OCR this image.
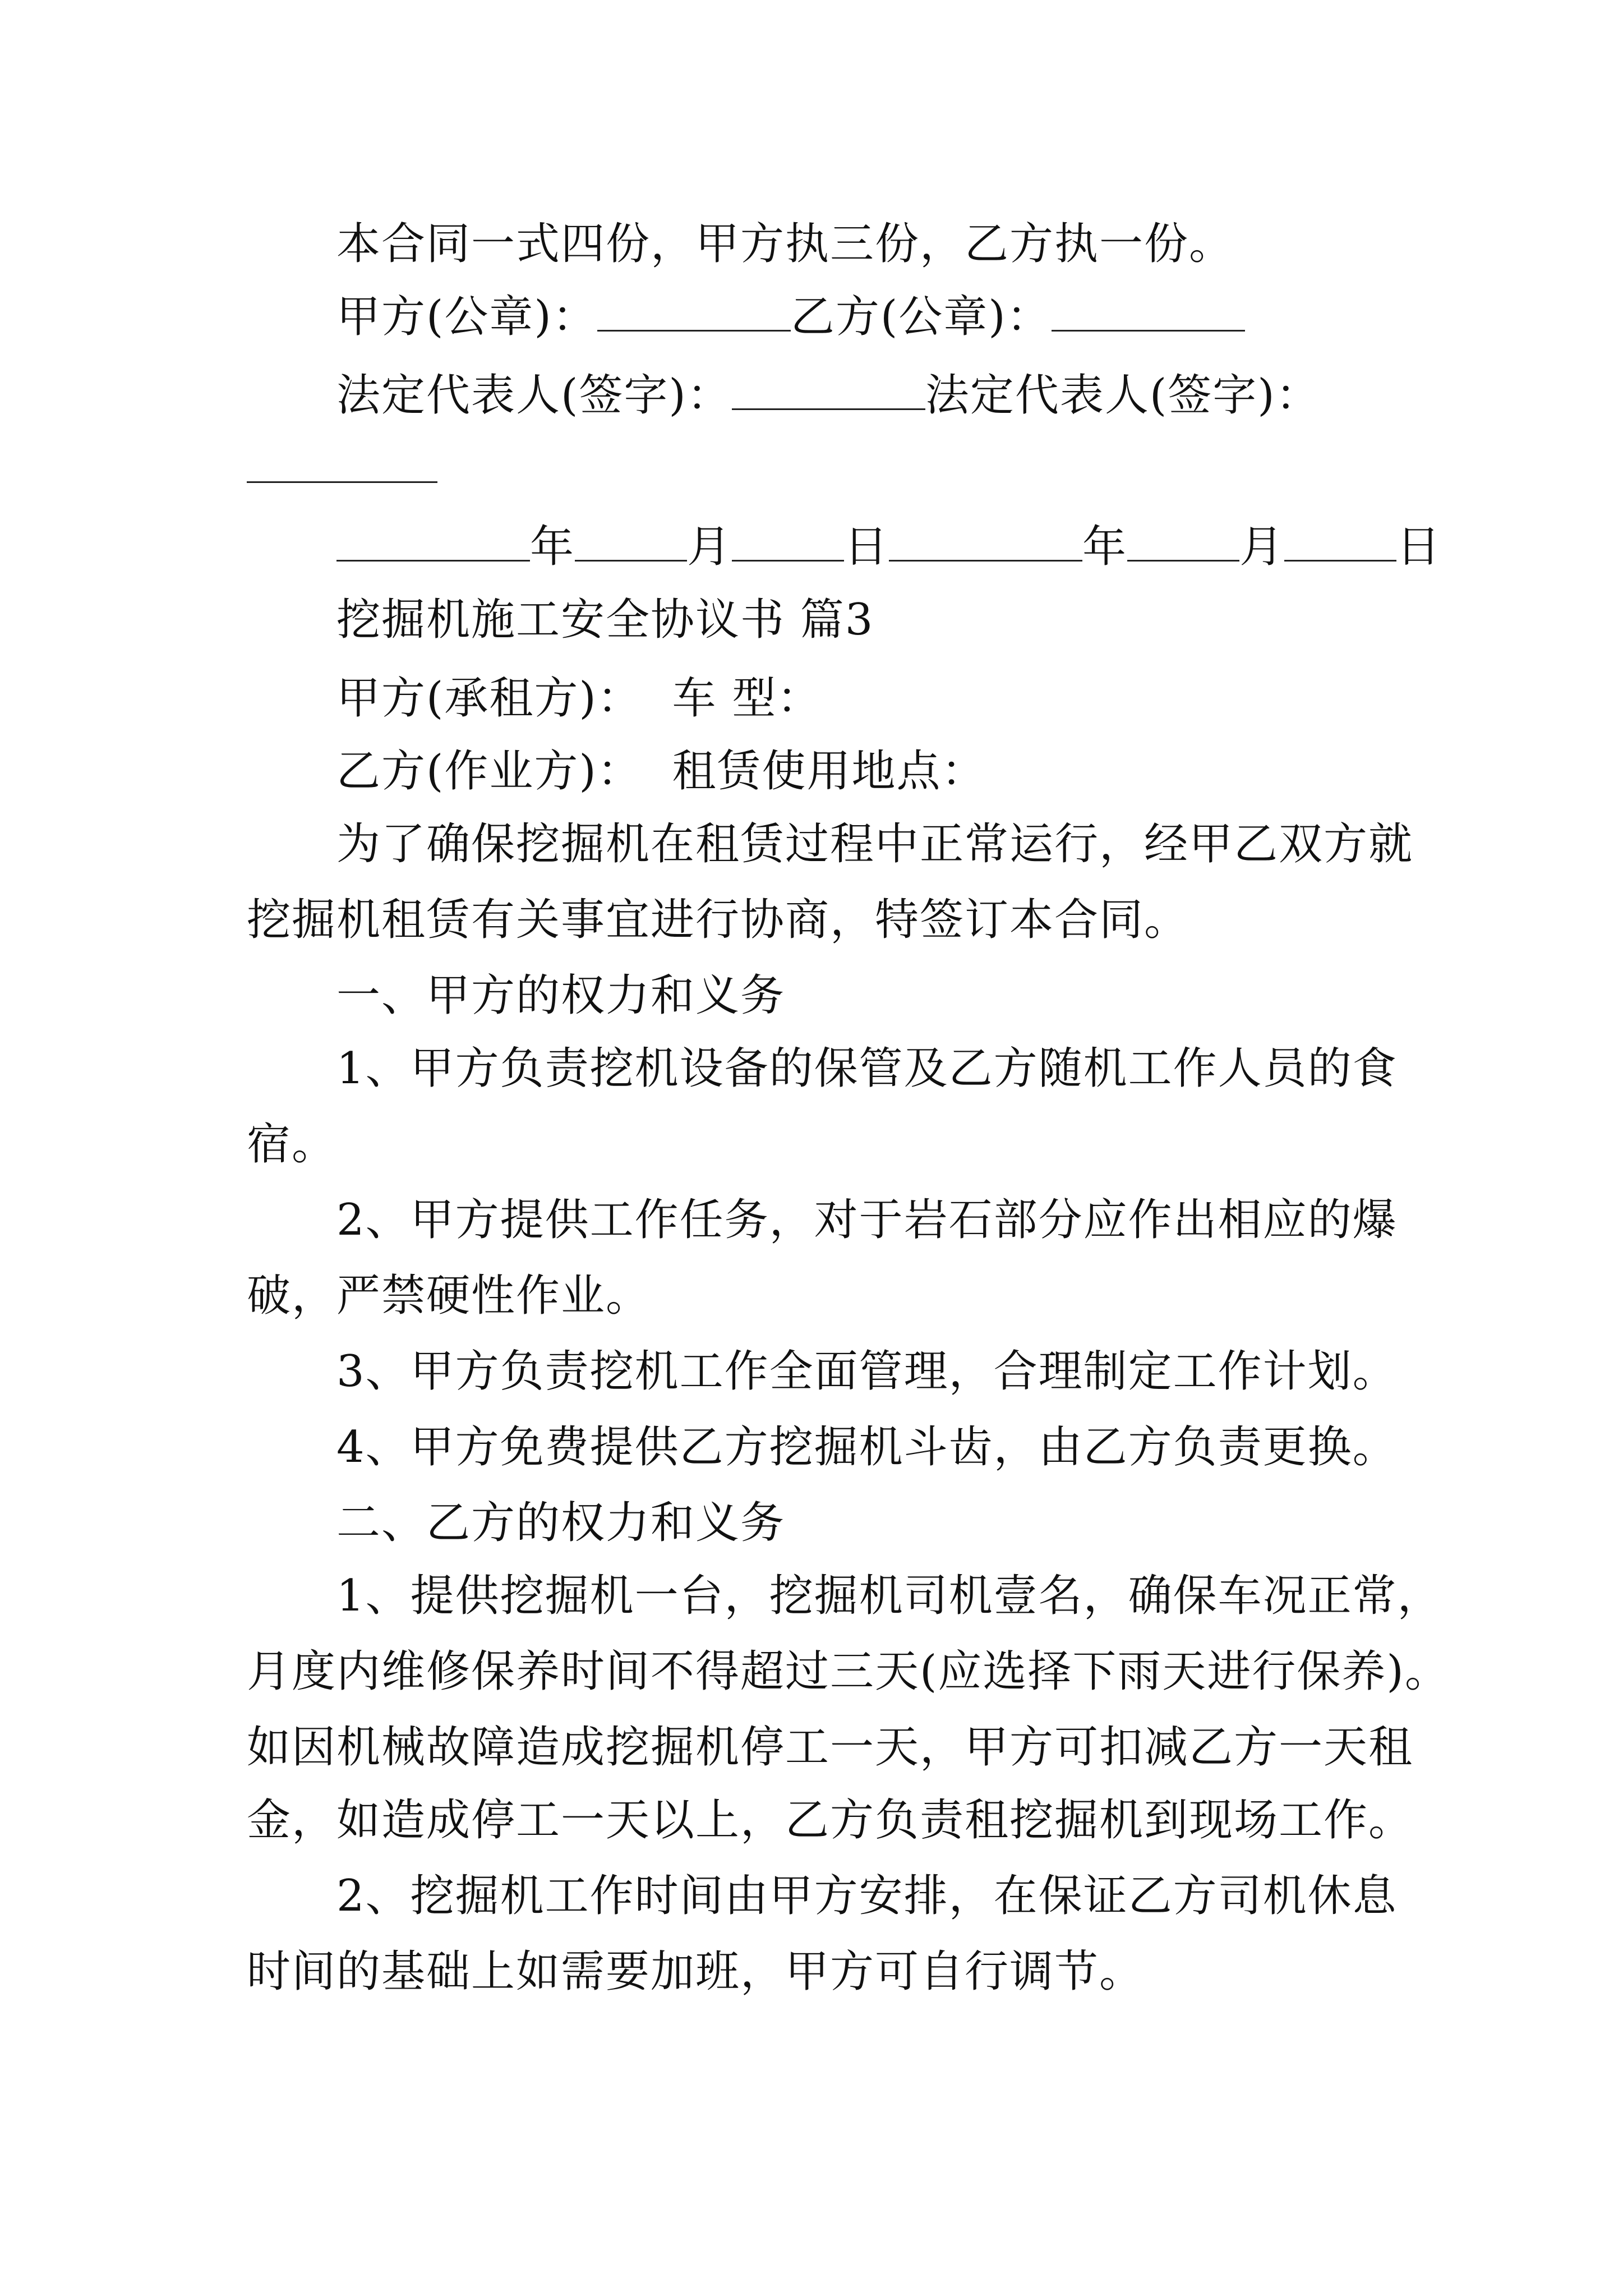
本合同一式四份，甲方执三份，乙方执一份。
甲方(公章)：	乙方(公章)：
法定代表人(签字)：	法定代表人(签字)：
年	月	日	年	月	日
挖掘机施工安全协议书 篇3
甲方(承租方)：  车 型：
乙方(作业方)：  租赁使用地点：
为了确保挖掘机在租赁过程中正常运行，经甲乙双方就
挖掘机租赁有关事宜进行协商，特签订本合同。
一、甲方的权力和义务
1、甲方负责挖机设备的保管及乙方随机工作人员的食
宿。
2、甲方提供工作任务，对于岩石部分应作出相应的爆
破，严禁硬性作业。
3、甲方负责挖机工作全面管理，合理制定工作计划。
4、甲方免费提供乙方挖掘机斗齿，由乙方负责更换。
二、乙方的权力和义务
1、提供挖掘机一台，挖掘机司机壹名，确保车况正常，
月度内维修保养时间不得超过三天(应选择下雨天进行保养)。
如因机械故障造成挖掘机停工一天，甲方可扣减乙方一天租
金，如造成停工一天以上，乙方负责租挖掘机到现场工作。
2、挖掘机工作时间由甲方安排，在保证乙方司机休息
时间的基础上如需要加班，甲方可自行调节。
